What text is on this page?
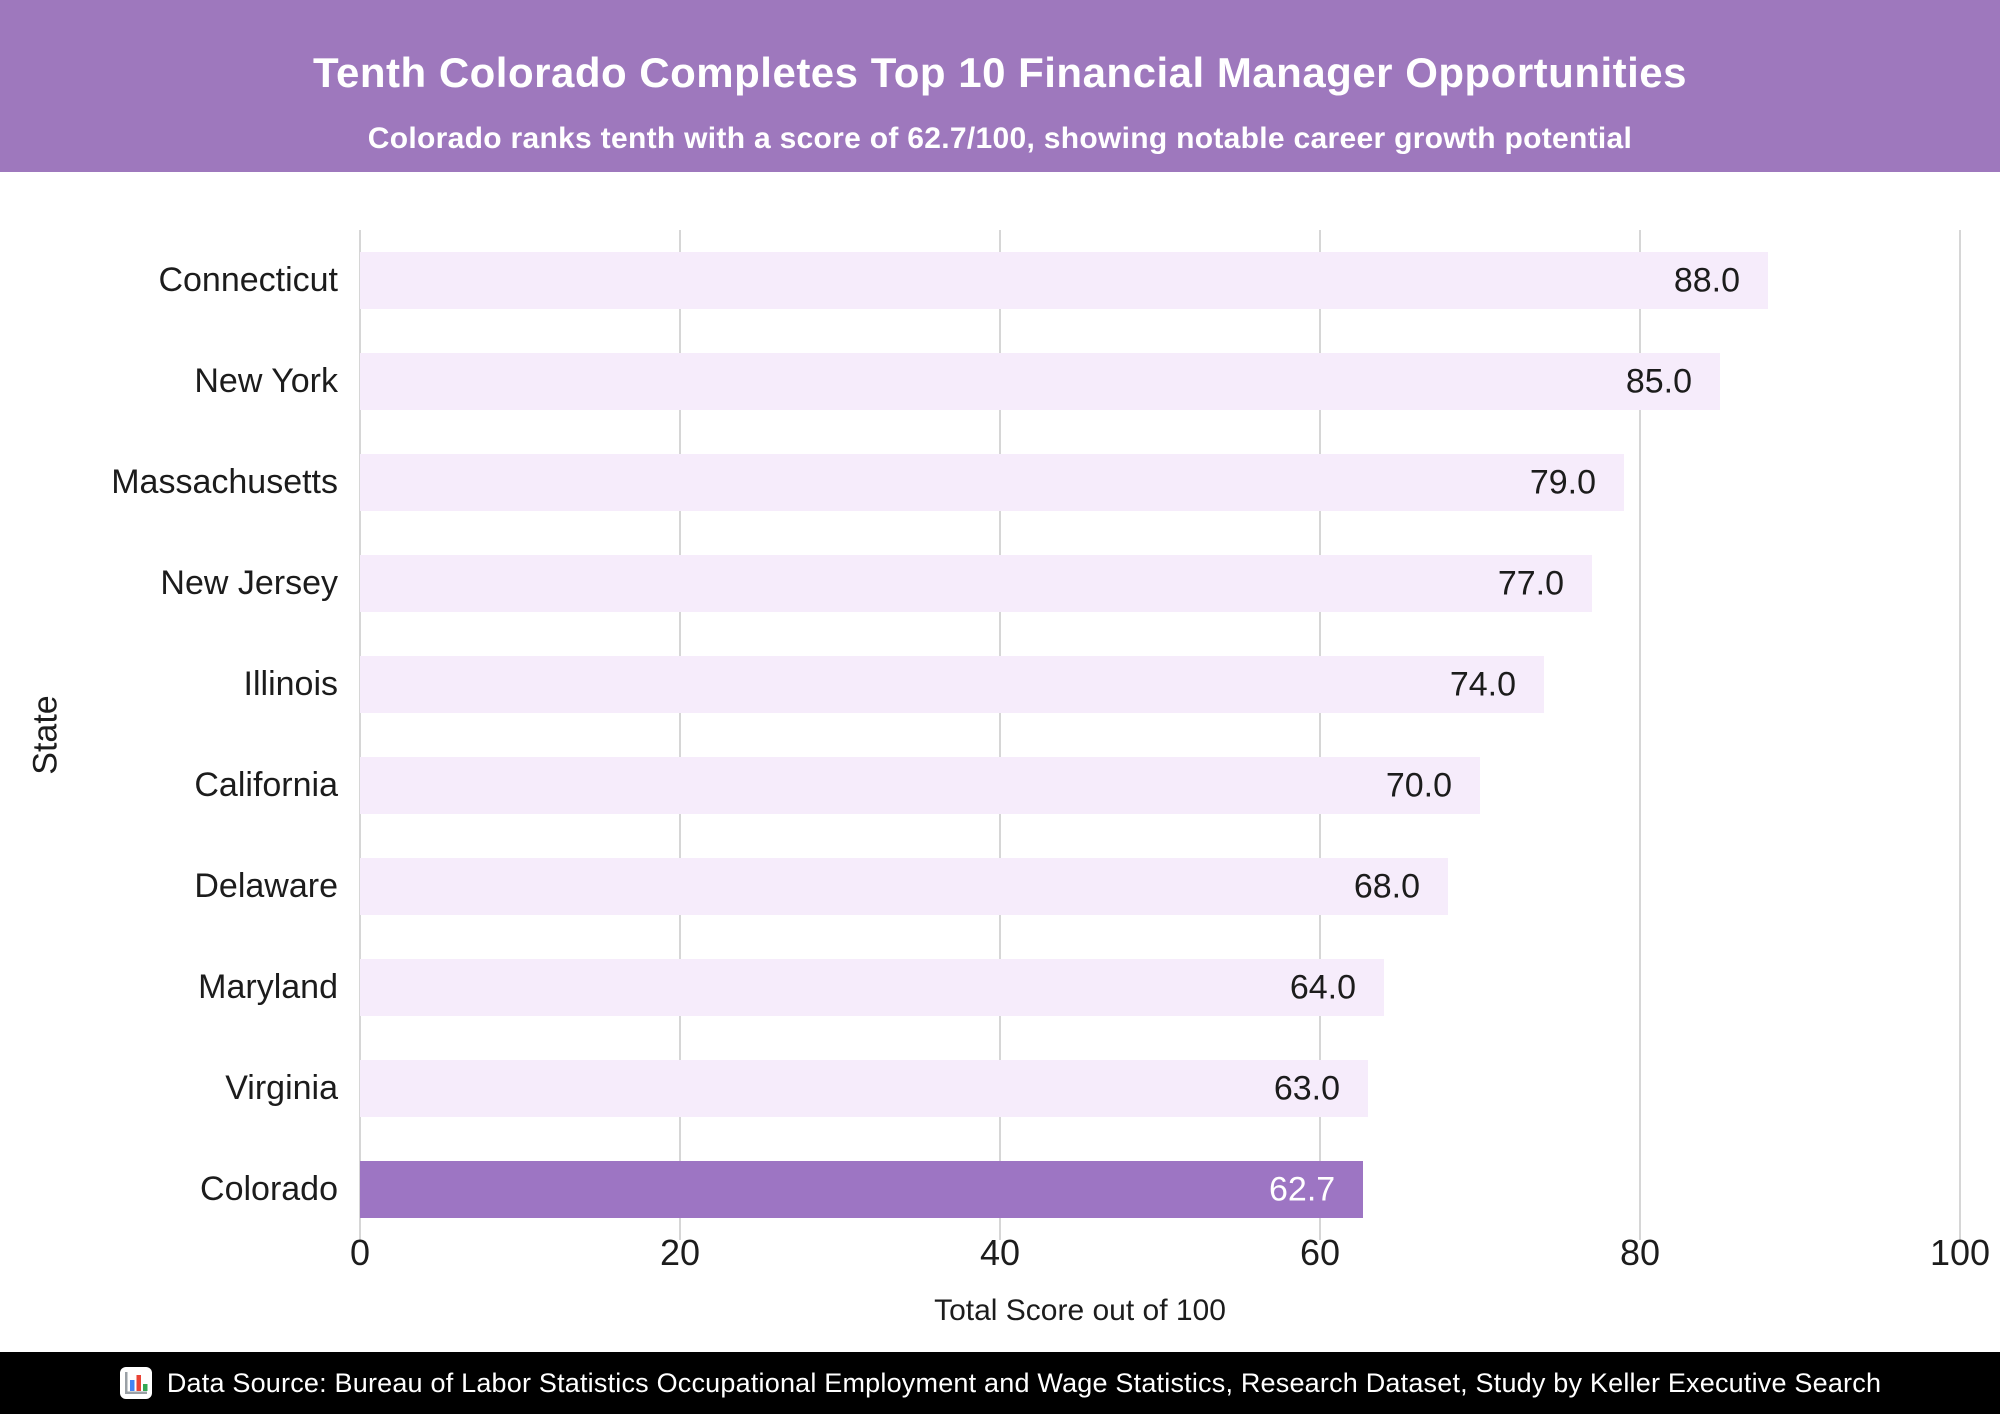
Tenth Colorado Completes Top 10 Financial Manager Opportunities
Colorado ranks tenth with a score of 62.7/100, showing notable career growth potential
State
Connecticut
New York
Massachusetts
New Jersey
Illinois
California
Delaware
Maryland
Virginia
Colorado
88.0
85.0
79.0
77.0
74.0
70.0
68.0
64.0
63.0
62.7
0	20	40	60	80	100
Total Score out of 100
Data Source: Bureau of Labor Statistics Occupational Employment and Wage Statistics, Research Dataset, Study by Keller Executive Search
